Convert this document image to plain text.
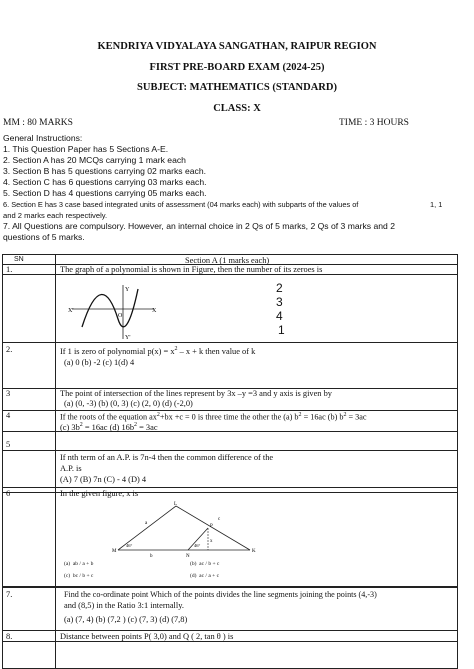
KENDRIYA VIDYALAYA SANGATHAN, RAIPUR REGION
FIRST PRE-BOARD EXAM (2024-25)
SUBJECT: MATHEMATICS (STANDARD)
CLASS: X
MM : 80 MARKS	TIME : 3 HOURS
General Instructions:
1. This Question Paper has 5 Sections A-E.
2. Section A has 20 MCQs carrying 1 mark each
3. Section B has 5 questions carrying 02 marks each.
4. Section C has 6 questions carrying 03 marks each.
5. Section D has 4 questions carrying 05 marks each.
6. Section E has 3 case based integrated units of assessment (04 marks each) with subparts of the values of	1, 1
and 2 marks each respectively.
7. All Questions are compulsory. However, an internal choice in 2 Qs of 5 marks, 2 Qs of 3 marks and 2
questions of 5 marks.
SN	Section A (1 marks each)
1.	The graph of a polynomial is shown in Figure, then the number of its zeroes is
X'	X
Y
Y'
O
2
3
4
1
2.	If 1 is zero of polynomial $p(x) = x^2 - x + k$ then value of k
(a) 0 (b) -2 (c) 1(d) 4
3	The point of intersection of the lines represent by 3x –y =3 and y axis is given by
(a) (0, -3) (b) (0, 3) (c) (2, 0) (d) (-2,0)
4	If the roots of the equation $ax^2+bx +c = 0$ is three time the other the (a) $b^2 = 16ac$ (b) $b^2 = 3ac$
(c) $3b^2 = 16ac$ (d) $16b^2 = 3ac$
5
If nth term of an A.P. is 7n-4 then the common difference of the
A.P. is
(A) 7 (B) 7n (C) - 4 (D) 4
6	In the given figure, x is
L
M
N
P
K
a
c
b
x
46°	46°
(a) ab / a + b	(b) ac / b + c
(c) bc / b + c	(d) ac / a + c
7.	Find the co-ordinate point Which of the points divides the line segments joining the points (4,-3)
and (8,5) in the Ratio 3:1 internally.
(a) (7, 4) (b) (7,2 ) (c) (7, 3) (d) (7,8)
8.	Distance between points P( 3,0) and Q ( 2, tan θ ) is
